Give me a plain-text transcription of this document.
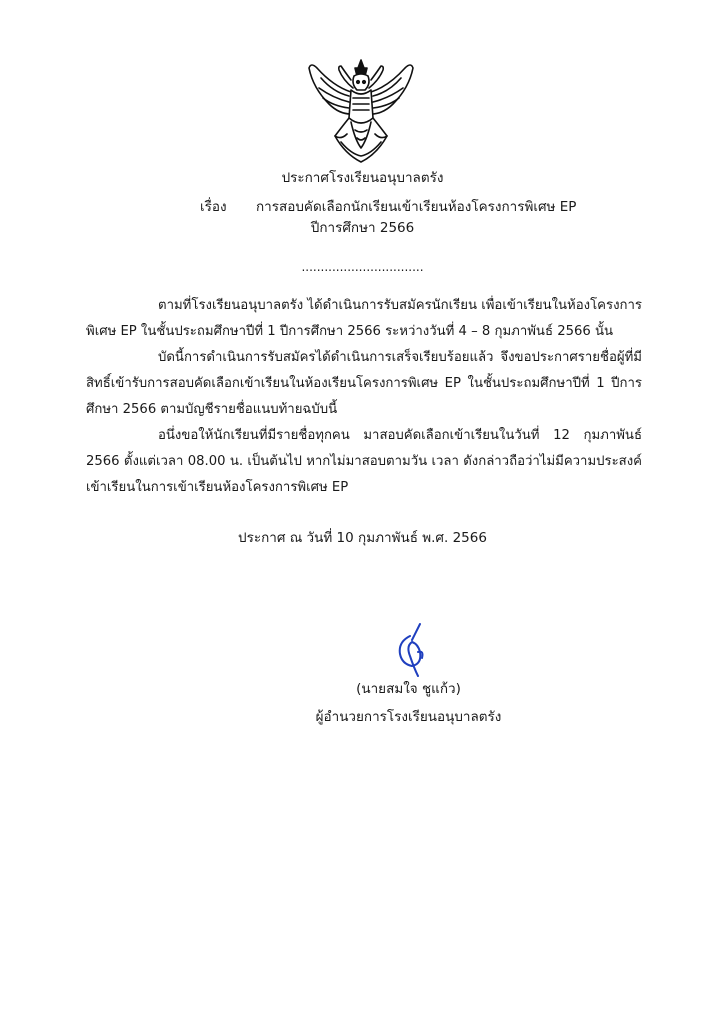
ประกาศโรงเรียนอนุบาลตรัง
เรื่อง การสอบคัดเลือกนักเรียนเข้าเรียนห้องโครงการพิเศษ EP
ปีการศึกษา 2566
................................

ตามที่โรงเรียนอนุบาลตรัง ได้ดำเนินการรับสมัครนักเรียน เพื่อเข้าเรียนในห้องโครงการพิเศษ EP ในชั้นประถมศึกษาปีที่ 1 ปีการศึกษา 2566 ระหว่างวันที่ 4 – 8 กุมภาพันธ์ 2566 นั้น

บัดนี้การดำเนินการรับสมัครได้ดำเนินการเสร็จเรียบร้อยแล้ว จึงขอประกาศรายชื่อผู้ที่มีสิทธิ์เข้ารับการสอบคัดเลือกเข้าเรียนในห้องเรียนโครงการพิเศษ EP ในชั้นประถมศึกษาปีที่ 1 ปีการศึกษา 2566 ตามบัญชีรายชื่อแนบท้ายฉบับนี้

อนึ่งขอให้นักเรียนที่มีรายชื่อทุกคน มาสอบคัดเลือกเข้าเรียนในวันที่ 12 กุมภาพันธ์ 2566 ตั้งแต่เวลา 08.00 น. เป็นต้นไป หากไม่มาสอบตามวัน เวลา ดังกล่าวถือว่าไม่มีความประสงค์เข้าเรียนในการเข้าเรียนห้องโครงการพิเศษ EP

ประกาศ ณ วันที่ 10 กุมภาพันธ์ พ.ศ. 2566
(นายสมใจ ชูแก้ว)
ผู้อำนวยการโรงเรียนอนุบาลตรัง
